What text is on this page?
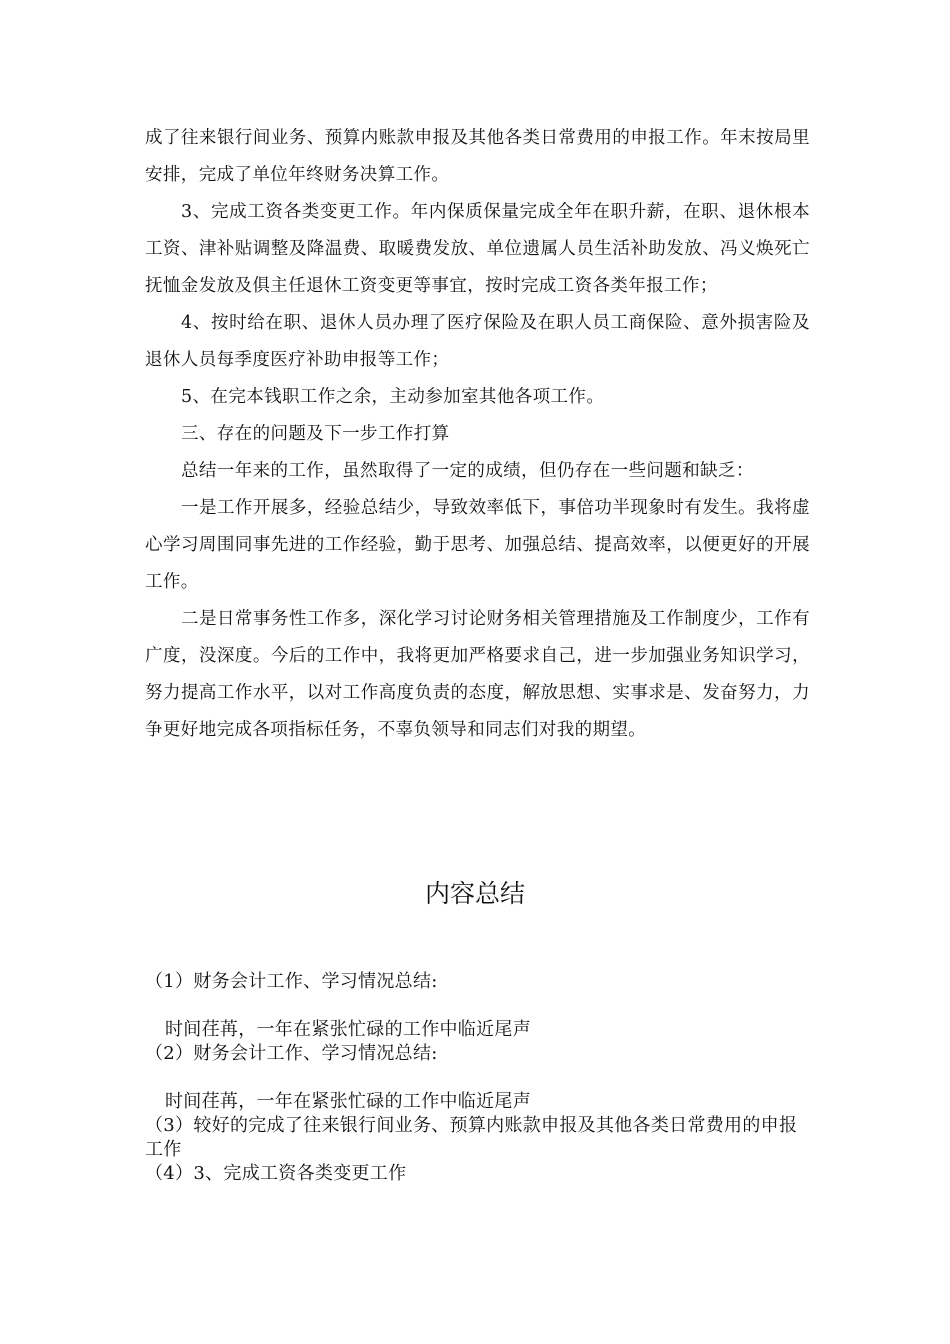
成了往来银行间业务、预算内账款申报及其他各类日常费用的申报工作。年末按局里安排，完成了单位年终财务决算工作。

3、完成工资各类变更工作。年内保质保量完成全年在职升薪，在职、退休根本工资、津补贴调整及降温费、取暖费发放、单位遗属人员生活补助发放、冯义焕死亡抚恤金发放及俱主任退休工资变更等事宜，按时完成工资各类年报工作；

4、按时给在职、退休人员办理了医疗保险及在职人员工商保险、意外损害险及退休人员每季度医疗补助申报等工作；

5、在完本钱职工作之余，主动参加室其他各项工作。

三、存在的问题及下一步工作打算

总结一年来的工作，虽然取得了一定的成绩，但仍存在一些问题和缺乏：

一是工作开展多，经验总结少，导致效率低下，事倍功半现象时有发生。我将虚心学习周围同事先进的工作经验，勤于思考、加强总结、提高效率，以便更好的开展工作。

二是日常事务性工作多，深化学习讨论财务相关管理措施及工作制度少，工作有广度，没深度。今后的工作中，我将更加严格要求自己，进一步加强业务知识学习，努力提高工作水平，以对工作高度负责的态度，解放思想、实事求是、发奋努力，力争更好地完成各项指标任务，不辜负领导和同志们对我的期望。

内容总结

（1）财务会计工作、学习情况总结:

时间荏苒，一年在紧张忙碌的工作中临近尾声

（2）财务会计工作、学习情况总结:

时间荏苒，一年在紧张忙碌的工作中临近尾声

（3）较好的完成了往来银行间业务、预算内账款申报及其他各类日常费用的申报工作

（4）3、完成工资各类变更工作
